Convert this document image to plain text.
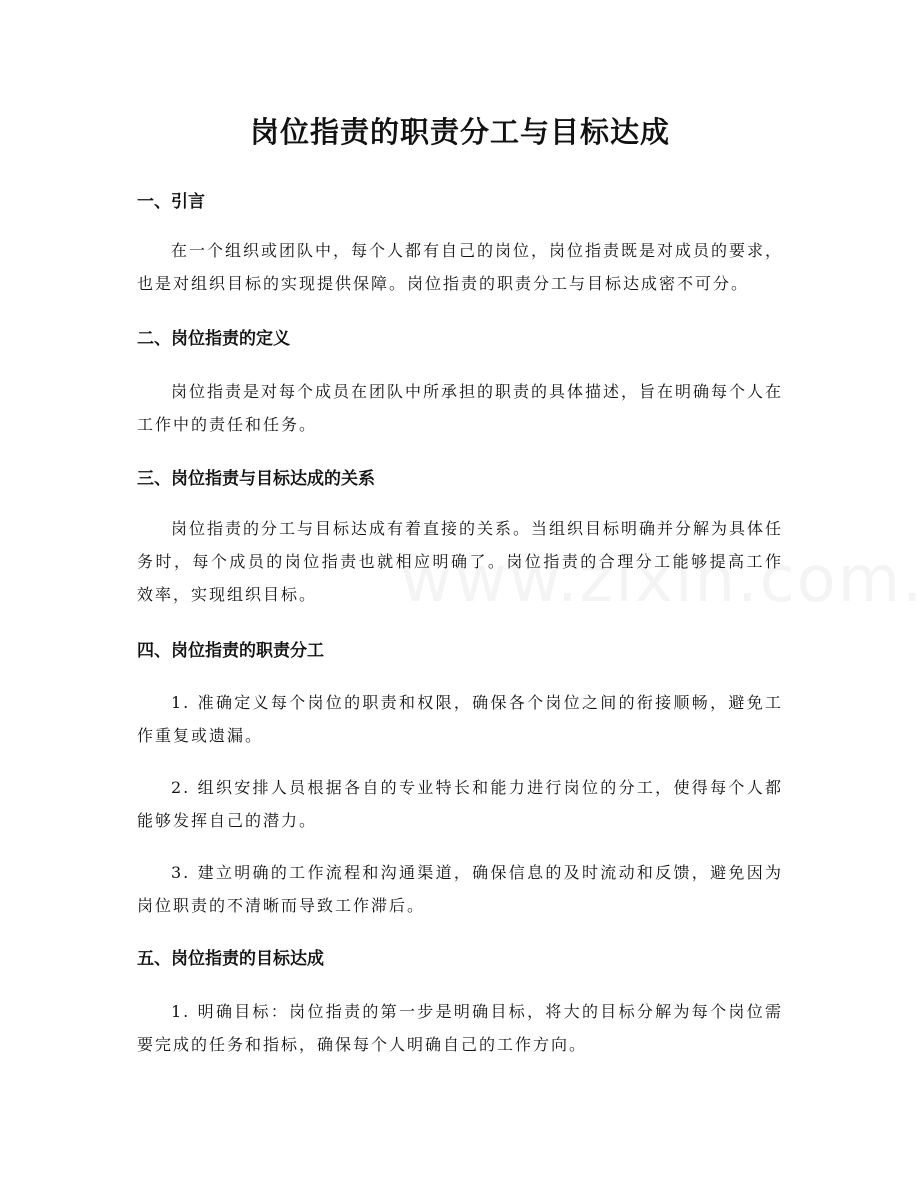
岗位指责的职责分工与目标达成
一、引言

在一个组织或团队中，每个人都有自己的岗位，岗位指责既是对成员的要求，也是对组织目标的实现提供保障。岗位指责的职责分工与目标达成密不可分。

二、岗位指责的定义

岗位指责是对每个成员在团队中所承担的职责的具体描述，旨在明确每个人在工作中的责任和任务。

三、岗位指责与目标达成的关系

岗位指责的分工与目标达成有着直接的关系。当组织目标明确并分解为具体任务时，每个成员的岗位指责也就相应明确了。岗位指责的合理分工能够提高工作效率，实现组织目标。

四、岗位指责的职责分工

1. 准确定义每个岗位的职责和权限，确保各个岗位之间的衔接顺畅，避免工作重复或遗漏。

2. 组织安排人员根据各自的专业特长和能力进行岗位的分工，使得每个人都能够发挥自己的潜力。

3. 建立明确的工作流程和沟通渠道，确保信息的及时流动和反馈，避免因为岗位职责的不清晰而导致工作滞后。

五、岗位指责的目标达成

1. 明确目标：岗位指责的第一步是明确目标，将大的目标分解为每个岗位需要完成的任务和指标，确保每个人明确自己的工作方向。
